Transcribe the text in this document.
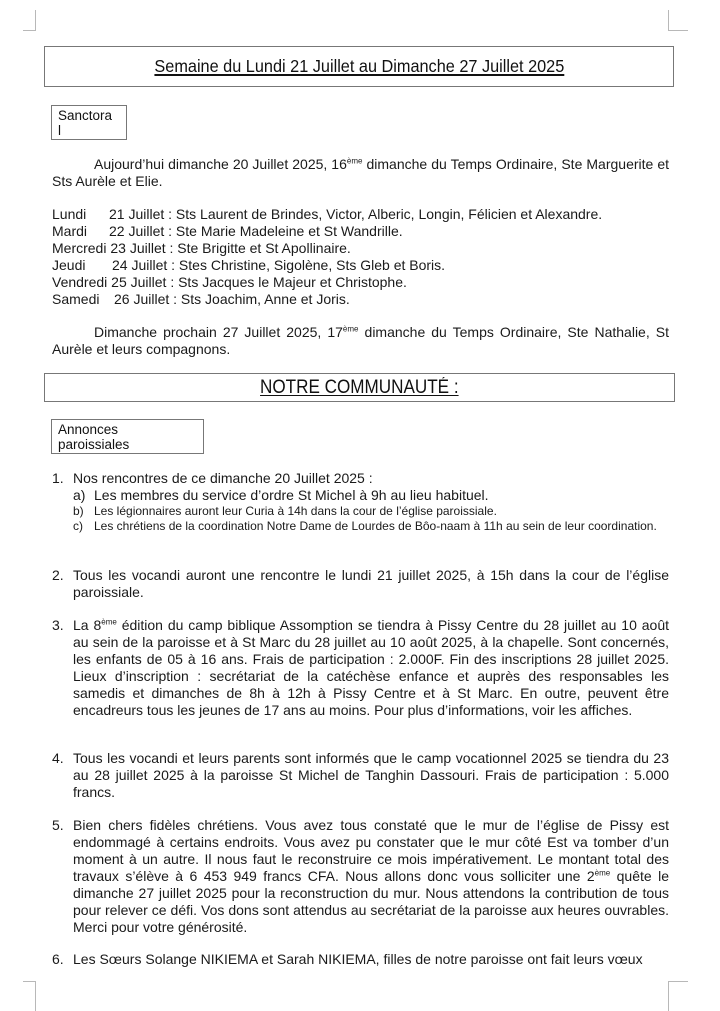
Semaine du Lundi 21 Juillet au Dimanche 27 Juillet 2025
Sanctora
l
Aujourd’hui dimanche 20 Juillet 2025, 16ème dimanche du Temps Ordinaire, Ste Marguerite et Sts Aurèle et Elie.
Lundi 21 Juillet : Sts Laurent de Brindes, Victor, Alberic, Longin, Félicien et Alexandre.
Mardi 22 Juillet : Ste Marie Madeleine et St Wandrille.
Mercredi 23 Juillet : Ste Brigitte et St Apollinaire.
Jeudi 24 Juillet : Stes Christine, Sigolène, Sts Gleb et Boris.
Vendredi 25 Juillet : Sts Jacques le Majeur et Christophe.
Samedi 26 Juillet : Sts Joachim, Anne et Joris.
Dimanche prochain 27 Juillet 2025, 17ème dimanche du Temps Ordinaire, Ste Nathalie, St Aurèle et leurs compagnons.
NOTRE COMMUNAUTÉ :
Annonces
paroissiales
1. Nos rencontres de ce dimanche 20 Juillet 2025 :
a) Les membres du service d’ordre St Michel à 9h au lieu habituel.
b) Les légionnaires auront leur Curia à 14h dans la cour de l’église paroissiale.
c) Les chrétiens de la coordination Notre Dame de Lourdes de Bôo-naam à 11h au sein de leur coordination.
2. Tous les vocandi auront une rencontre le lundi 21 juillet 2025, à 15h dans la cour de l’église paroissiale.
3. La 8ème édition du camp biblique Assomption se tiendra à Pissy Centre du 28 juillet au 10 août au sein de la paroisse et à St Marc du 28 juillet au 10 août 2025, à la chapelle. Sont concernés, les enfants de 05 à 16 ans. Frais de participation : 2.000F. Fin des inscriptions 28 juillet 2025. Lieux d’inscription : secrétariat de la catéchèse enfance et auprès des responsables les samedis et dimanches de 8h à 12h à Pissy Centre et à St Marc. En outre, peuvent être encadreurs tous les jeunes de 17 ans au moins. Pour plus d’informations, voir les affiches.
4. Tous les vocandi et leurs parents sont informés que le camp vocationnel 2025 se tiendra du 23 au 28 juillet 2025 à la paroisse St Michel de Tanghin Dassouri. Frais de participation : 5.000 francs.
5. Bien chers fidèles chrétiens. Vous avez tous constaté que le mur de l’église de Pissy est endommagé à certains endroits. Vous avez pu constater que le mur côté Est va tomber d’un moment à un autre. Il nous faut le reconstruire ce mois impérativement. Le montant total des travaux s’élève à 6 453 949 francs CFA. Nous allons donc vous solliciter une 2ème quête le dimanche 27 juillet 2025 pour la reconstruction du mur. Nous attendons la contribution de tous pour relever ce défi. Vos dons sont attendus au secrétariat de la paroisse aux heures ouvrables. Merci pour votre générosité.
6. Les Sœurs Solange NIKIEMA et Sarah NIKIEMA, filles de notre paroisse ont fait leurs vœux
